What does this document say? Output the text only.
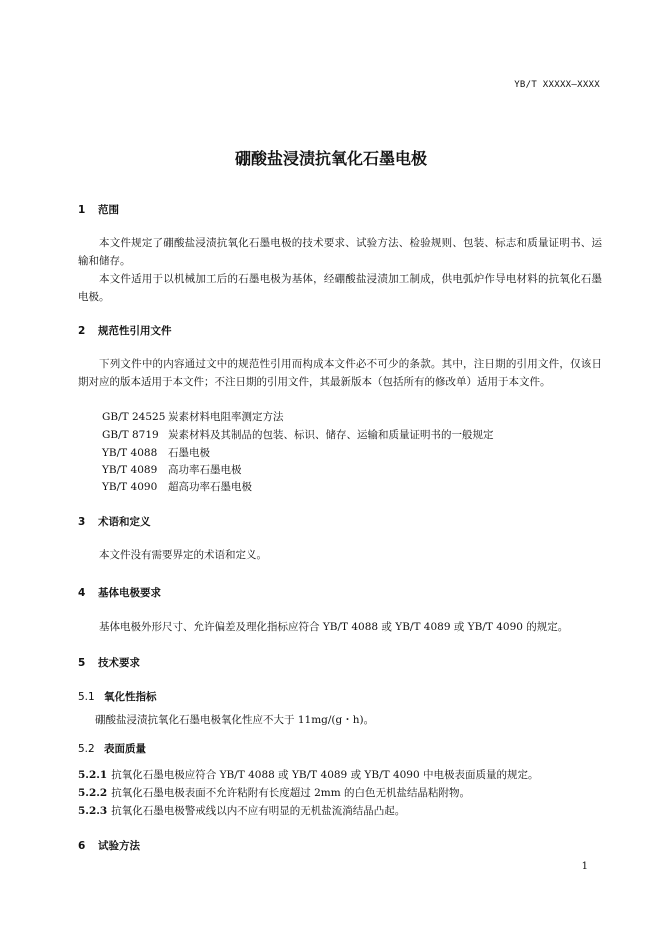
YB/T XXXXX—XXXX
硼酸盐浸渍抗氧化石墨电极
1 范围
本文件规定了硼酸盐浸渍抗氧化石墨电极的技术要求、试验方法、检验规则、包装、标志和质量证明书、运输和储存。
本文件适用于以机械加工后的石墨电极为基体，经硼酸盐浸渍加工制成，供电弧炉作导电材料的抗氧化石墨电极。
2 规范性引用文件
下列文件中的内容通过文中的规范性引用而构成本文件必不可少的条款。其中，注日期的引用文件，仅该日期对应的版本适用于本文件；不注日期的引用文件，其最新版本（包括所有的修改单）适用于本文件。
GB/T 24525 炭素材料电阻率测定方法
GB/T 8719 炭素材料及其制品的包装、标识、储存、运输和质量证明书的一般规定
YB/T 4088 石墨电极
YB/T 4089 高功率石墨电极
YB/T 4090 超高功率石墨电极
3 术语和定义
本文件没有需要界定的术语和定义。
4 基体电极要求
基体电极外形尺寸、允许偏差及理化指标应符合 YB/T 4088 或 YB/T 4089 或 YB/T 4090 的规定。
5 技术要求
5.1 氧化性指标
硼酸盐浸渍抗氧化石墨电极氧化性应不大于 11mg/(g・h)。
5.2 表面质量
5.2.1 抗氧化石墨电极应符合 YB/T 4088 或 YB/T 4089 或 YB/T 4090 中电极表面质量的规定。
5.2.2 抗氧化石墨电极表面不允许粘附有长度超过 2mm 的白色无机盐结晶粘附物。
5.2.3 抗氧化石墨电极警戒线以内不应有明显的无机盐流淌结晶凸起。
6 试验方法
1
